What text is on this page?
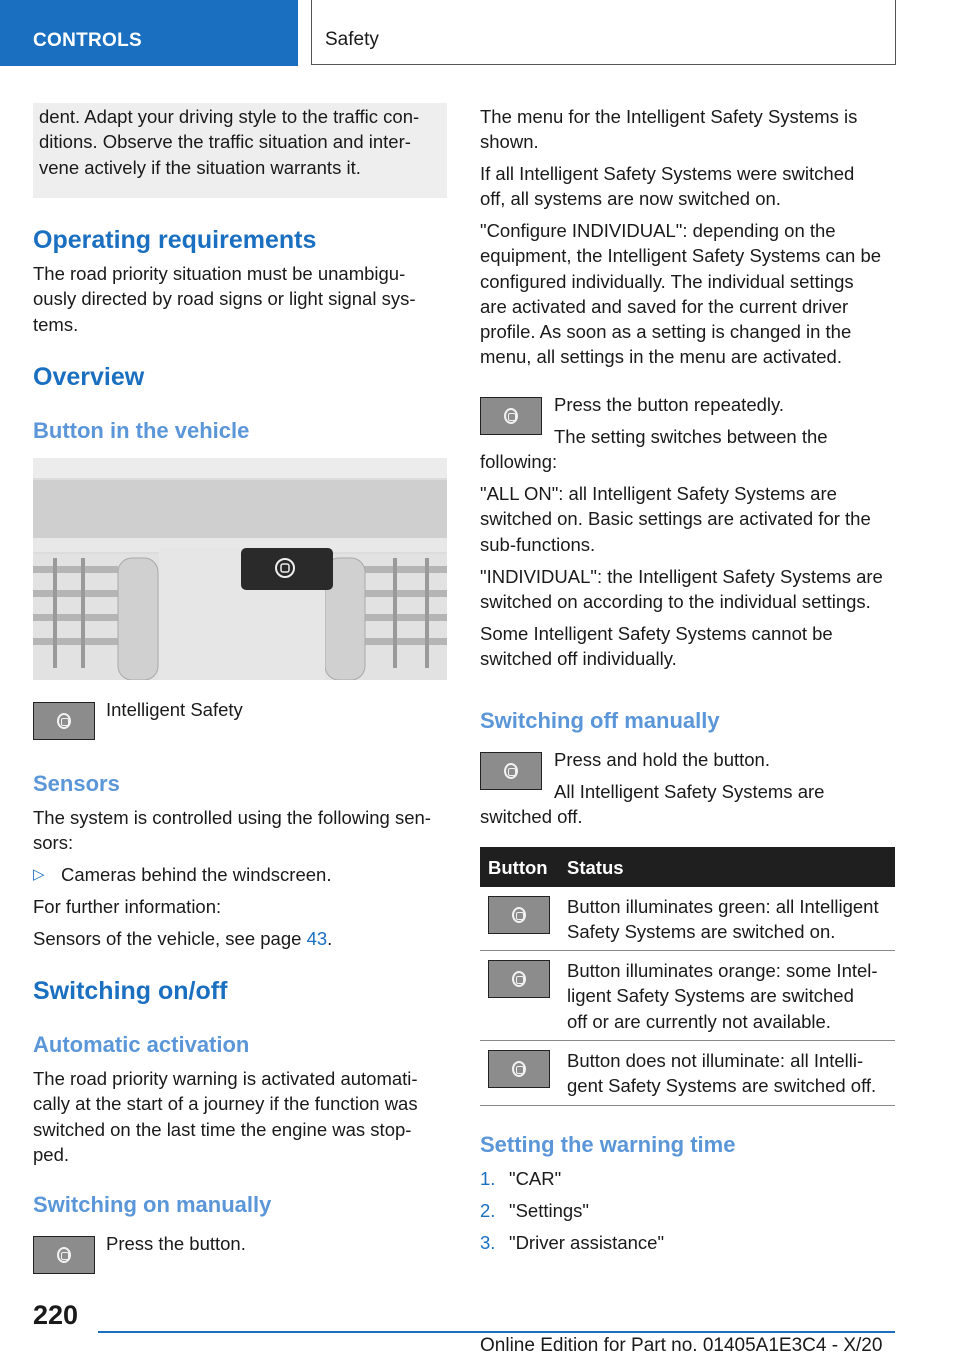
CONTROLS	Safety
dent. Adapt your driving style to the traffic con-
ditions. Observe the traffic situation and inter-
vene actively if the situation warrants it.
Operating requirements
The road priority situation must be unambigu-
ously directed by road signs or light signal sys-
tems.
Overview
Button in the vehicle
Intelligent Safety
Sensors
The system is controlled using the following sen-
sors:
▷ Cameras behind the windscreen.
For further information:
Sensors of the vehicle, see page 43.
Switching on/off
Automatic activation
The road priority warning is activated automati-
cally at the start of a journey if the function was
switched on the last time the engine was stop-
ped.
Switching on manually
Press the button.
The menu for the Intelligent Safety Systems is
shown.
If all Intelligent Safety Systems were switched
off, all systems are now switched on.
"Configure INDIVIDUAL": depending on the
equipment, the Intelligent Safety Systems can be
configured individually. The individual settings
are activated and saved for the current driver
profile. As soon as a setting is changed in the
menu, all settings in the menu are activated.
Press the button repeatedly.
The setting switches between the
following:
"ALL ON": all Intelligent Safety Systems are
switched on. Basic settings are activated for the
sub-functions.
"INDIVIDUAL": the Intelligent Safety Systems are
switched on according to the individual settings.
Some Intelligent Safety Systems cannot be
switched off individually.
Switching off manually
Press and hold the button.
All Intelligent Safety Systems are
switched off.
Button Status
Button illuminates green: all Intelligent
Safety Systems are switched on.
Button illuminates orange: some Intel-
ligent Safety Systems are switched
off or are currently not available.
Button does not illuminate: all Intelli-
gent Safety Systems are switched off.
Setting the warning time
1. "CAR"
2. "Settings"
3. "Driver assistance"
220
Online Edition for Part no. 01405A1E3C4 - X/20
